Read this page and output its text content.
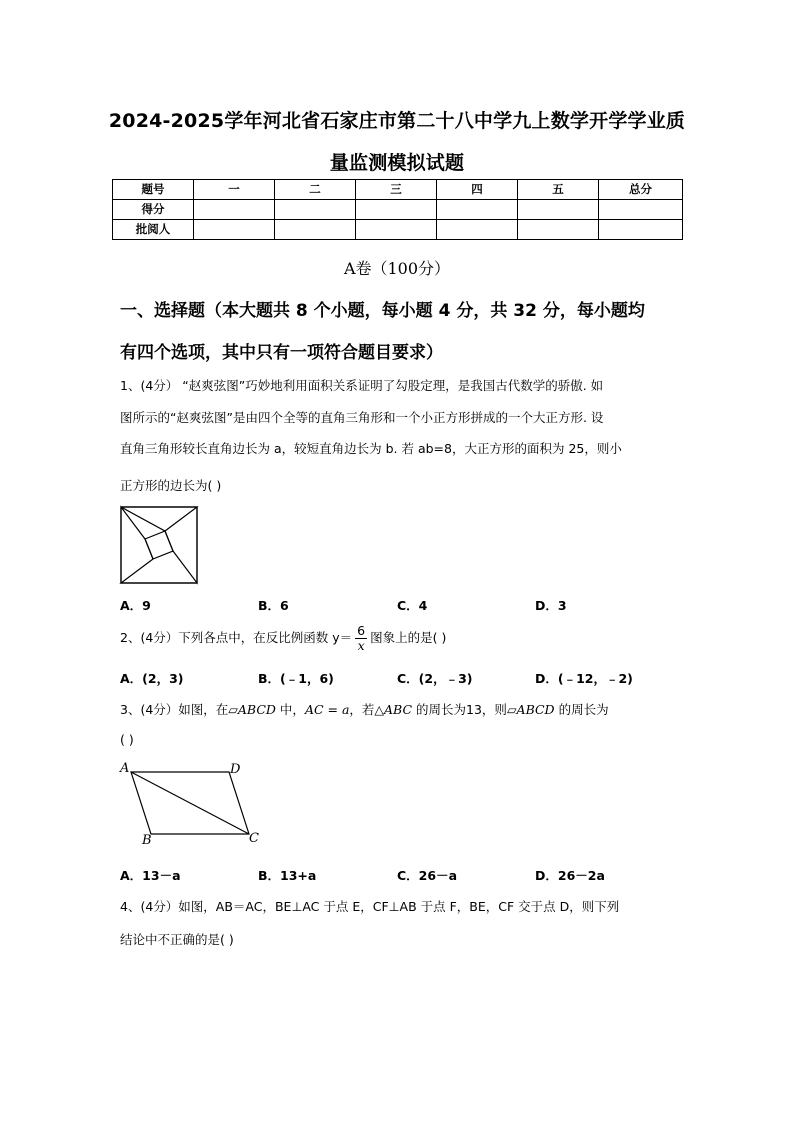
2024-2025学年河北省石家庄市第二十八中学九上数学开学学业质
量监测模拟试题
题号	一	二	三	四	五	总分
得分						
批阅人						
A卷（100分）
一、选择题（本大题共 8 个小题，每小题 4 分，共 32 分，每小题均
有四个选项，其中只有一项符合题目要求）
1、(4分） “赵爽弦图”巧妙地利用面积关系证明了勾股定理，是我国古代数学的骄傲. 如
图所示的“赵爽弦图”是由四个全等的直角三角形和一个小正方形拼成的一个大正方形. 设
直角三角形较长直角边长为 a，较短直角边长为 b. 若 ab=8，大正方形的面积为 25，则小
正方形的边长为( )
A．9	B．6	C．4	D．3
2、(4分）下列各点中，在反比例函数 $y= \frac{6}{x}$ 图象上的是( )
A．(2，3)	B．(﹣1，6)	C．(2，﹣3)	D．(﹣12，﹣2)
3、(4分）如图，在▱ABCD 中，AC = a，若△ABC 的周长为13，则▱ABCD 的周长为
( )
A	D
B	C
A．13－a	B．13+a	C．26－a	D．26－2a
4、(4分）如图，AB＝AC，BE⊥AC 于点 E，CF⊥AB 于点 F，BE，CF 交于点 D，则下列
结论中不正确的是( )
